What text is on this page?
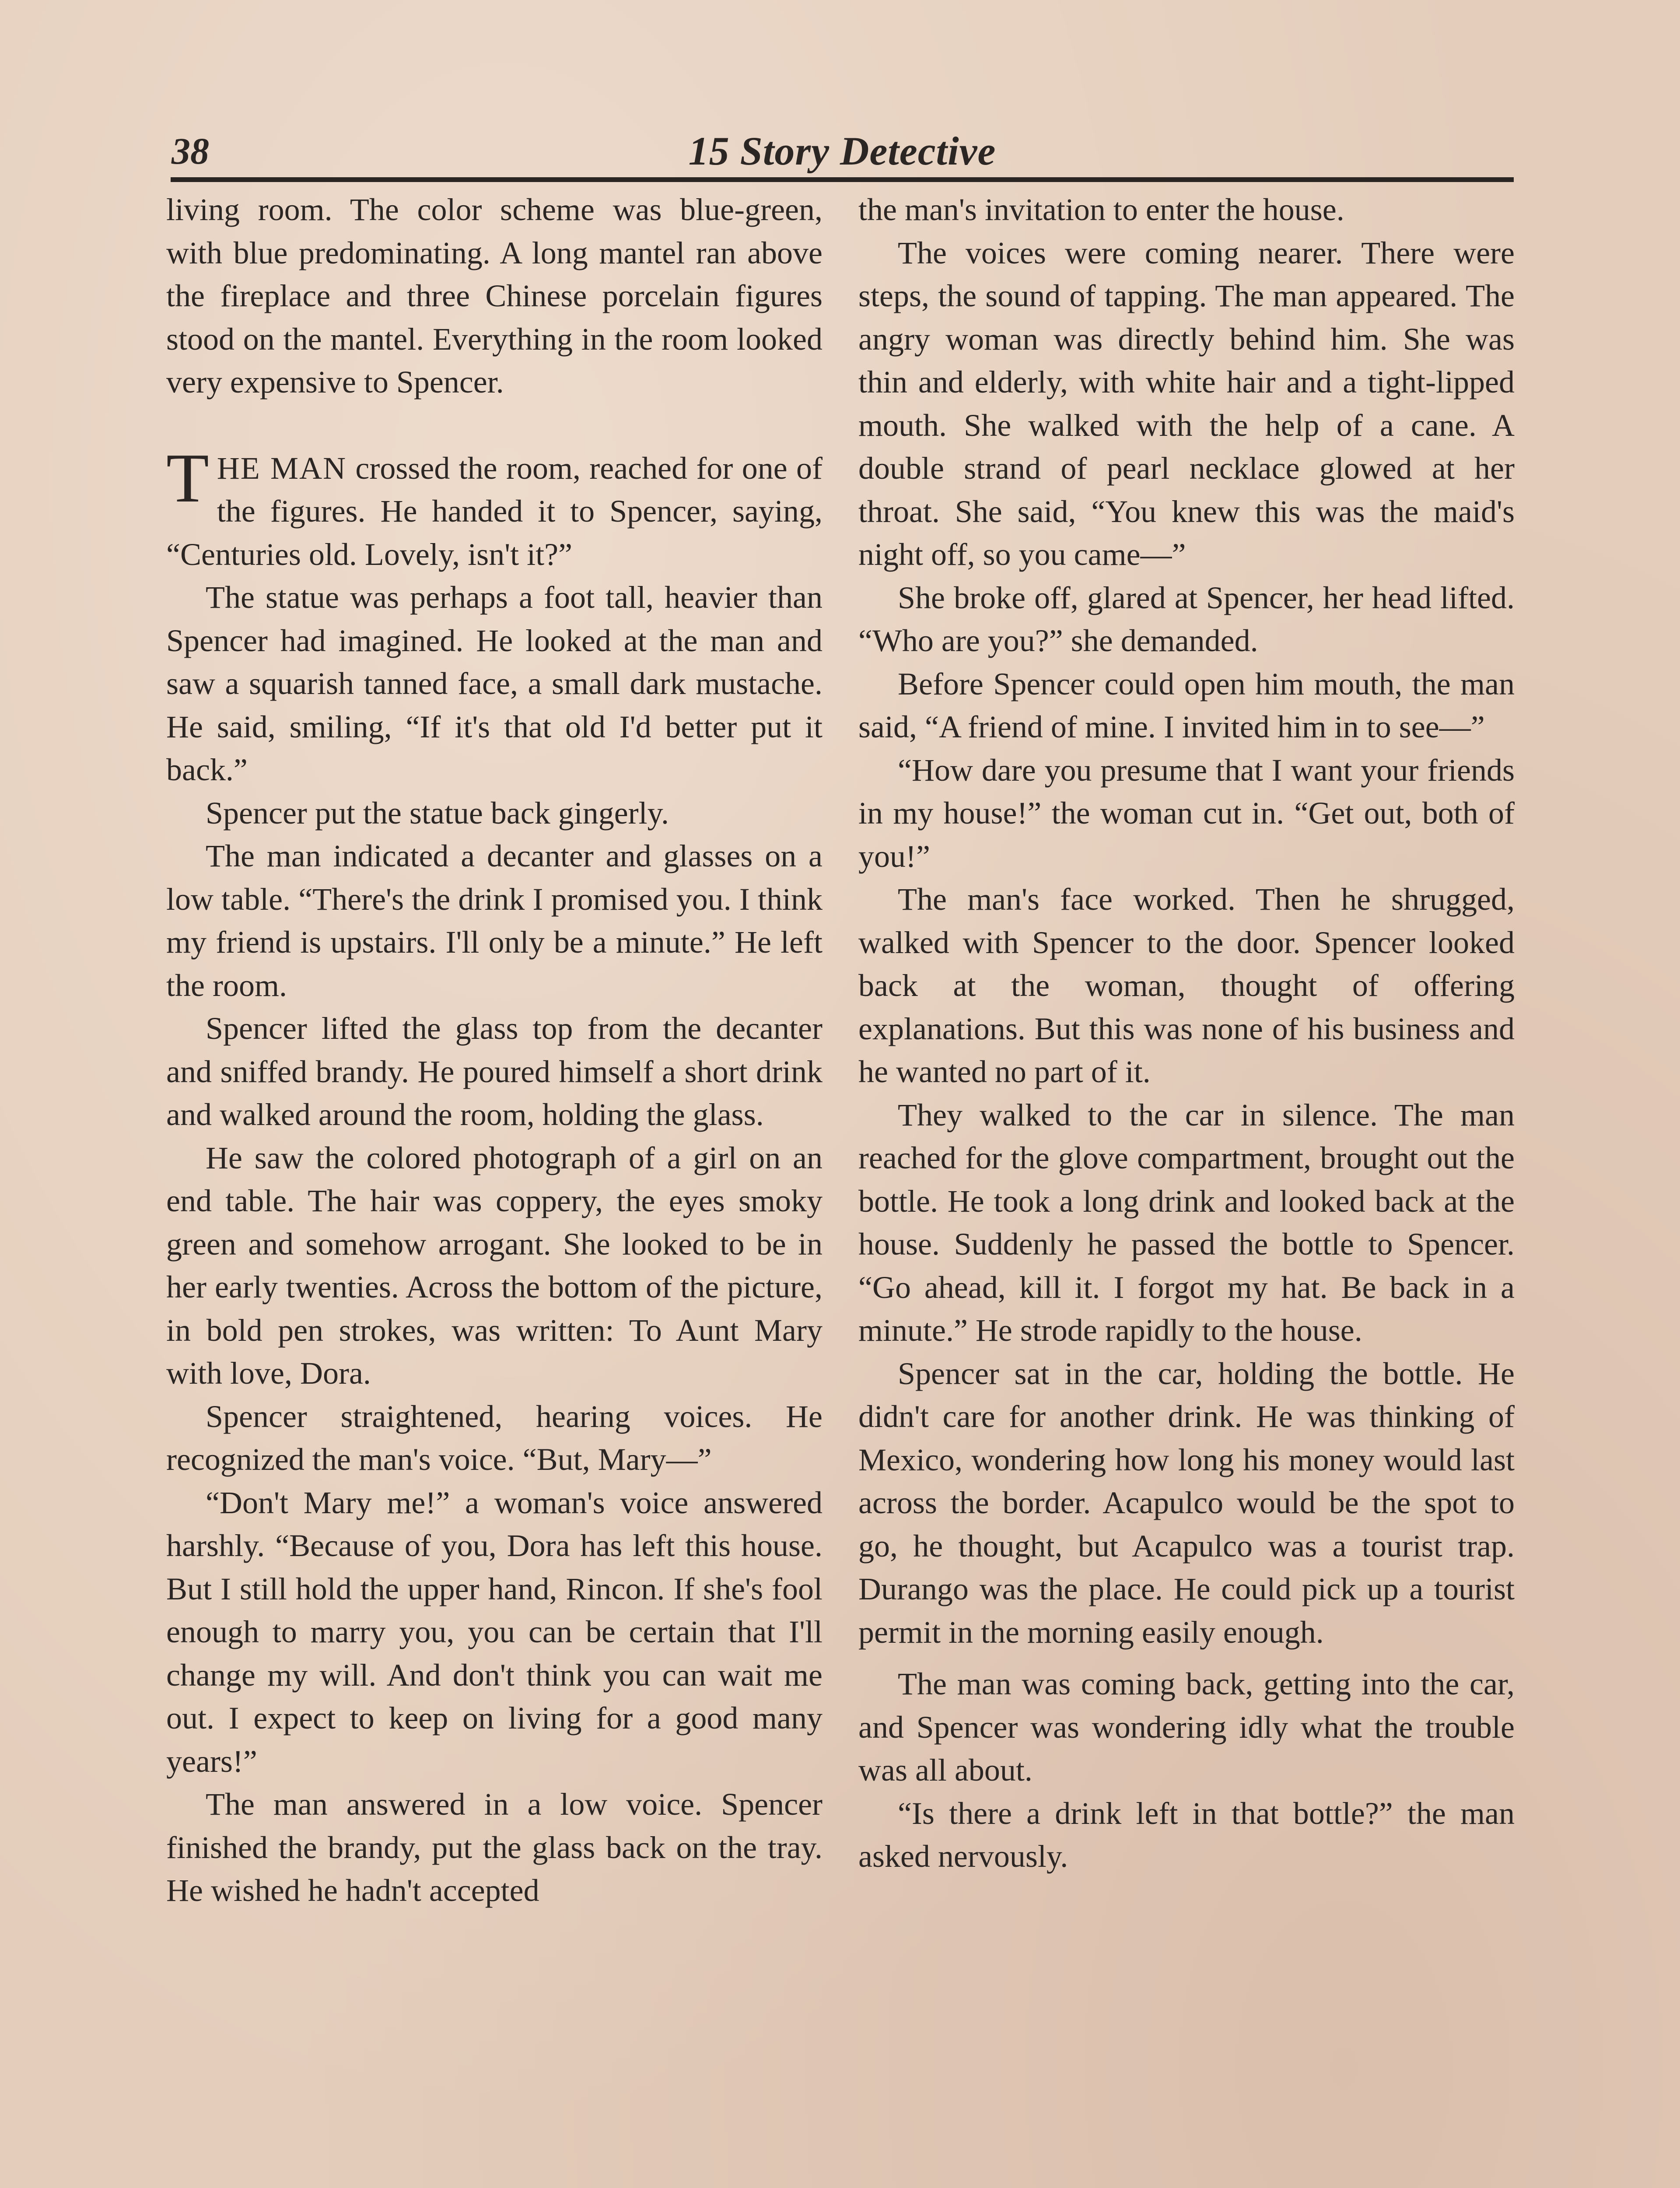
38	15 Story Detective

living room. The color scheme was blue-green, with blue predominating. A long mantel ran above the fireplace and three Chinese porcelain figures stood on the mantel. Everything in the room looked very expensive to Spencer.

THE MAN crossed the room, reached for one of the figures. He handed it to Spencer, saying, “Centuries old. Lovely, isn't it?”

The statue was perhaps a foot tall, heavier than Spencer had imagined. He looked at the man and saw a squarish tanned face, a small dark mustache. He said, smiling, “If it's that old I'd better put it back.”

Spencer put the statue back gingerly.

The man indicated a decanter and glasses on a low table. “There's the drink I promised you. I think my friend is upstairs. I'll only be a minute.” He left the room.

Spencer lifted the glass top from the decanter and sniffed brandy. He poured himself a short drink and walked around the room, holding the glass.

He saw the colored photograph of a girl on an end table. The hair was coppery, the eyes smoky green and somehow arrogant. She looked to be in her early twenties. Across the bottom of the picture, in bold pen strokes, was written: To Aunt Mary with love, Dora.

Spencer straightened, hearing voices. He recognized the man's voice. “But, Mary—”

“Don't Mary me!” a woman's voice answered harshly. “Because of you, Dora has left this house. But I still hold the upper hand, Rincon. If she's fool enough to marry you, you can be certain that I'll change my will. And don't think you can wait me out. I expect to keep on living for a good many years!”

The man answered in a low voice. Spencer finished the brandy, put the glass back on the tray. He wished he hadn't accepted

the man's invitation to enter the house.

The voices were coming nearer. There were steps, the sound of tapping. The man appeared. The angry woman was directly behind him. She was thin and elderly, with white hair and a tight-lipped mouth. She walked with the help of a cane. A double strand of pearl necklace glowed at her throat. She said, “You knew this was the maid's night off, so you came—”

She broke off, glared at Spencer, her head lifted. “Who are you?” she demanded.

Before Spencer could open him mouth, the man said, “A friend of mine. I invited him in to see—”

“How dare you presume that I want your friends in my house!” the woman cut in. “Get out, both of you!”

The man's face worked. Then he shrugged, walked with Spencer to the door. Spencer looked back at the woman, thought of offering explanations. But this was none of his business and he wanted no part of it.

They walked to the car in silence. The man reached for the glove compartment, brought out the bottle. He took a long drink and looked back at the house. Suddenly he passed the bottle to Spencer. “Go ahead, kill it. I forgot my hat. Be back in a minute.” He strode rapidly to the house.

Spencer sat in the car, holding the bottle. He didn't care for another drink. He was thinking of Mexico, wondering how long his money would last across the border. Acapulco would be the spot to go, he thought, but Acapulco was a tourist trap. Durango was the place. He could pick up a tourist permit in the morning easily enough.

The man was coming back, getting into the car, and Spencer was wondering idly what the trouble was all about.

“Is there a drink left in that bottle?” the man asked nervously.
